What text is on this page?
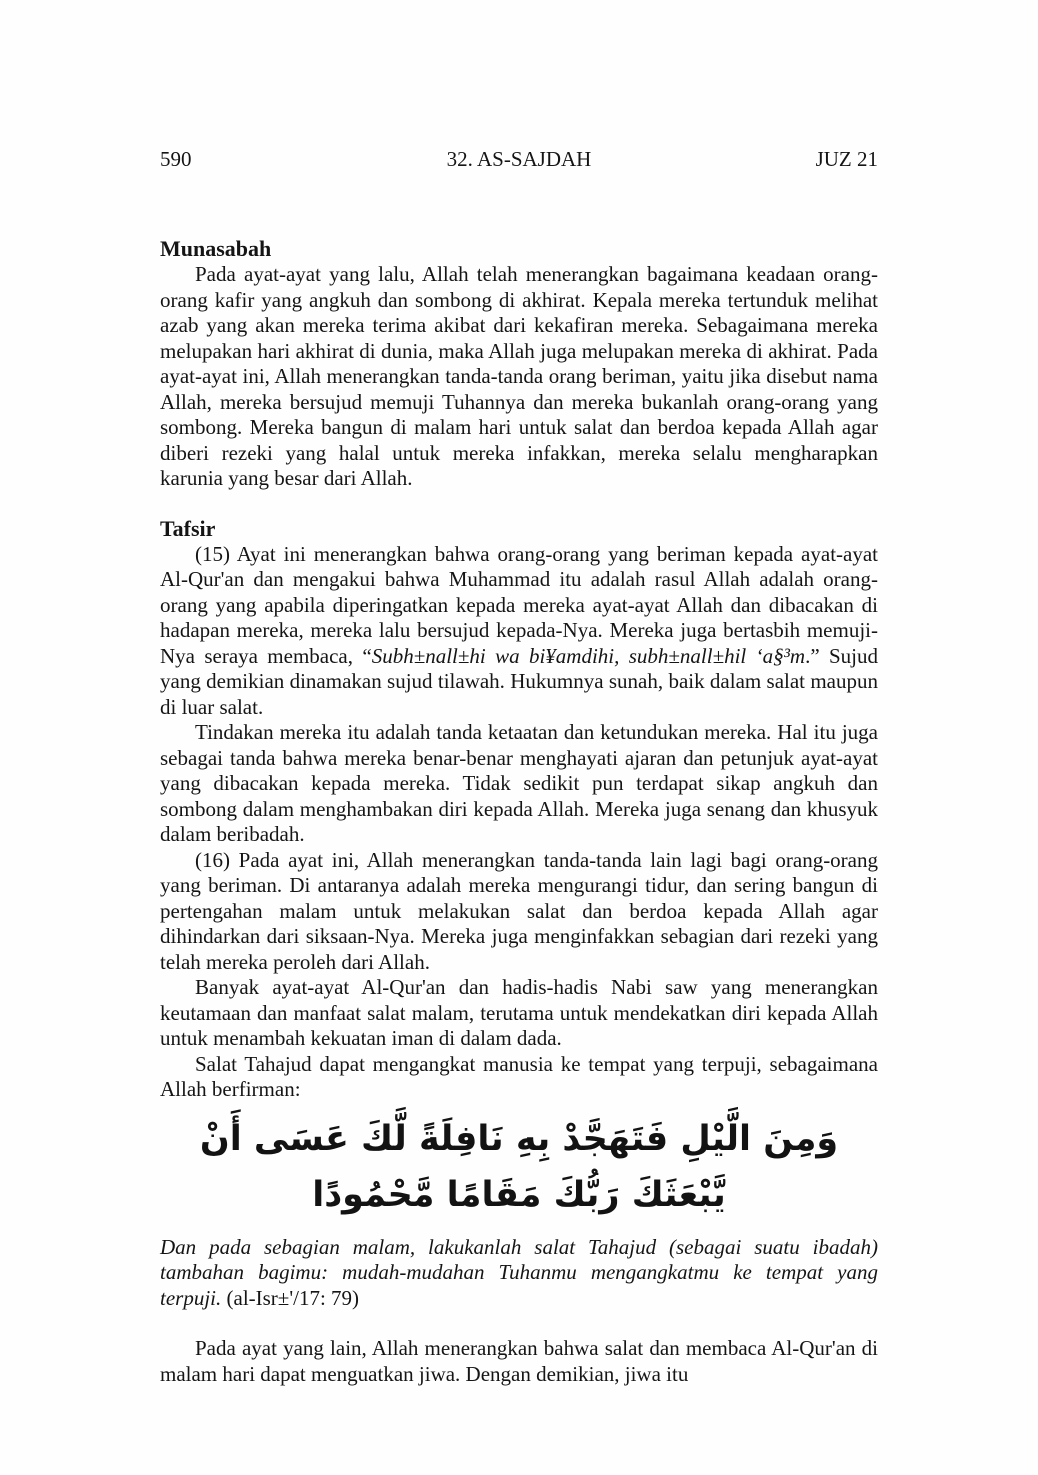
590	32. AS-SAJDAH	JUZ 21
Munasabah

Pada ayat-ayat yang lalu, Allah telah menerangkan bagaimana keadaan orang-orang kafir yang angkuh dan sombong di akhirat. Kepala mereka tertunduk melihat azab yang akan mereka terima akibat dari kekafiran mereka. Sebagaimana mereka melupakan hari akhirat di dunia, maka Allah juga melupakan mereka di akhirat. Pada ayat-ayat ini, Allah menerangkan tanda-tanda orang beriman, yaitu jika disebut nama Allah, mereka bersujud memuji Tuhannya dan mereka bukanlah orang-orang yang sombong. Mereka bangun di malam hari untuk salat dan berdoa kepada Allah agar diberi rezeki yang halal untuk mereka infakkan, mereka selalu mengharapkan karunia yang besar dari Allah.

Tafsir

(15) Ayat ini menerangkan bahwa orang-orang yang beriman kepada ayat-ayat Al-Qur'an dan mengakui bahwa Muhammad itu adalah rasul Allah adalah orang-orang yang apabila diperingatkan kepada mereka ayat-ayat Allah dan dibacakan di hadapan mereka, mereka lalu bersujud kepada-Nya. Mereka juga bertasbih memuji-Nya seraya membaca, “Subh±nall±hi wa bi¥amdihi, subh±nall±hil ‘a§³m.” Sujud yang demikian dinamakan sujud tilawah. Hukumnya sunah, baik dalam salat maupun di luar salat.

Tindakan mereka itu adalah tanda ketaatan dan ketundukan mereka. Hal itu juga sebagai tanda bahwa mereka benar-benar menghayati ajaran dan petunjuk ayat-ayat yang dibacakan kepada mereka. Tidak sedikit pun terdapat sikap angkuh dan sombong dalam menghambakan diri kepada Allah. Mereka juga senang dan khusyuk dalam beribadah.

(16) Pada ayat ini, Allah menerangkan tanda-tanda lain lagi bagi orang-orang yang beriman. Di antaranya adalah mereka mengurangi tidur, dan sering bangun di pertengahan malam untuk melakukan salat dan berdoa kepada Allah agar dihindarkan dari siksaan-Nya. Mereka juga menginfakkan sebagian dari rezeki yang telah mereka peroleh dari Allah.

Banyak ayat-ayat Al-Qur'an dan hadis-hadis Nabi saw yang menerangkan keutamaan dan manfaat salat malam, terutama untuk mendekatkan diri kepada Allah untuk menambah kekuatan iman di dalam dada.

Salat Tahajud dapat mengangkat manusia ke tempat yang terpuji, sebagaimana Allah berfirman:

وَمِنَ الَّيْلِ فَتَهَجَّدْ بِهِ نَافِلَةً لَّكَ عَسَى أَنْ يَّبْعَثَكَ رَبُّكَ مَقَامًا مَّحْمُودًا

Dan pada sebagian malam, lakukanlah salat Tahajud (sebagai suatu ibadah) tambahan bagimu: mudah-mudahan Tuhanmu mengangkatmu ke tempat yang terpuji. (al-Isr±'/17: 79)

Pada ayat yang lain, Allah menerangkan bahwa salat dan membaca Al-Qur'an di malam hari dapat menguatkan jiwa. Dengan demikian, jiwa itu
